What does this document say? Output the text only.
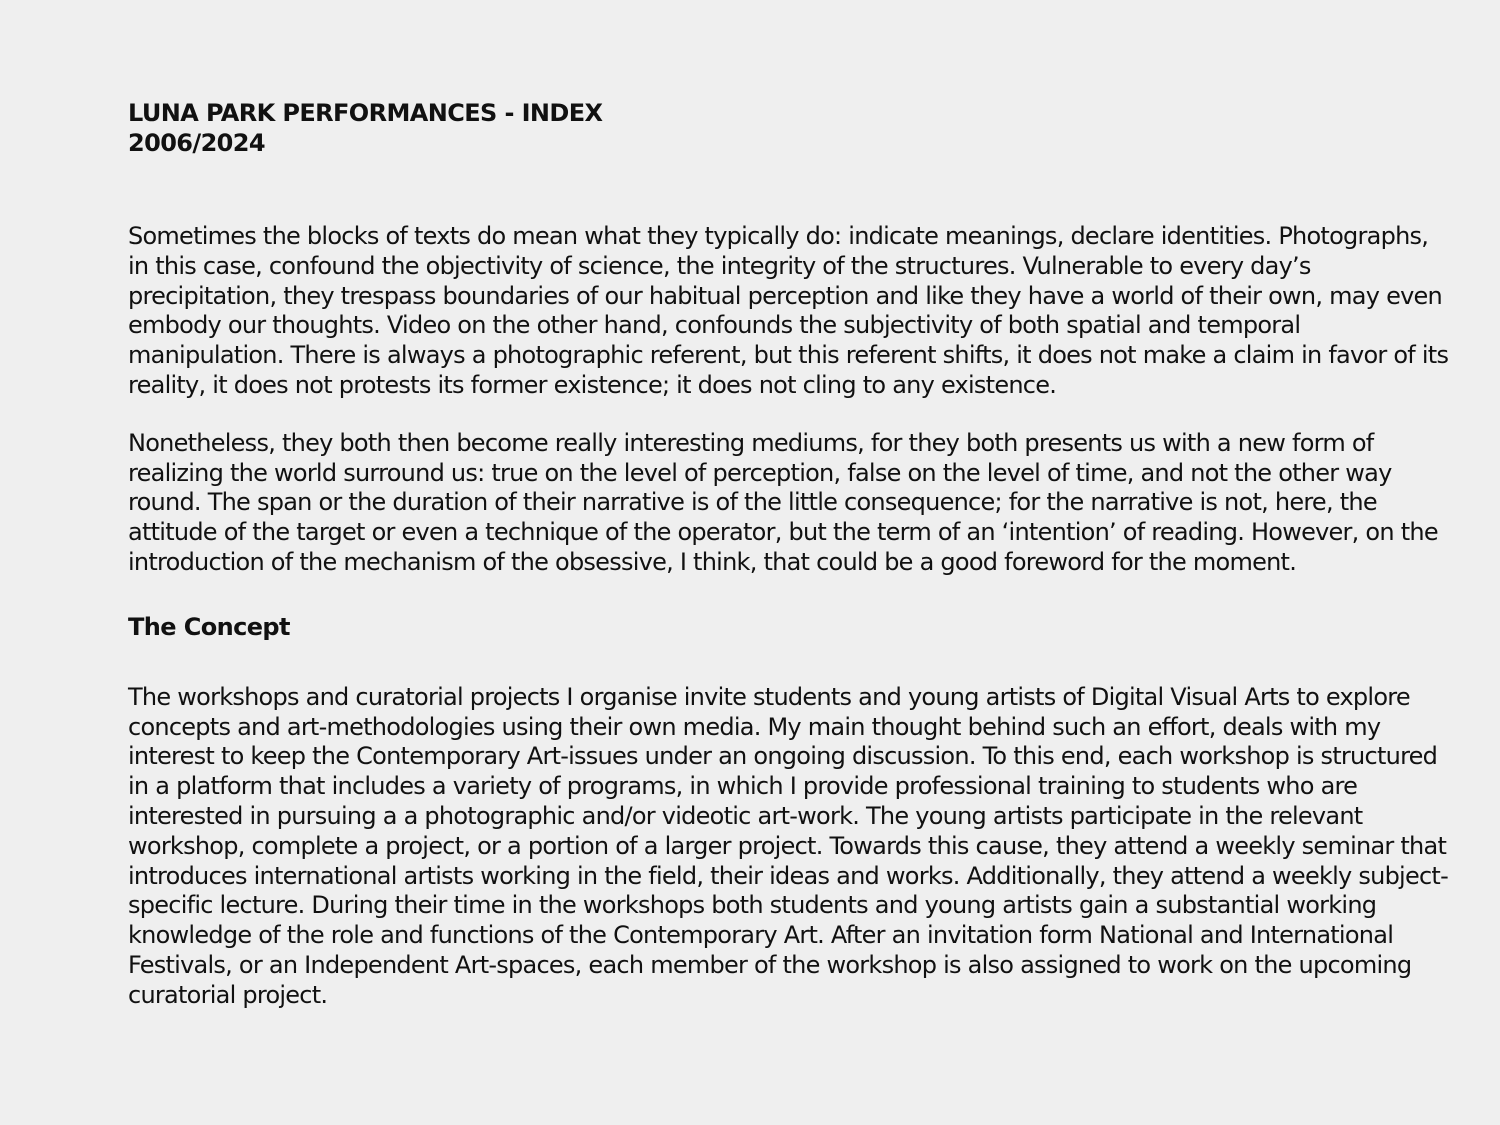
LUNA PARK PERFORMANCES - INDEX
2006/2024

Sometimes the blocks of texts do mean what they typically do: indicate meanings, declare identities. Photographs, in this case, confound the objectivity of science, the integrity of the structures. Vulnerable to every day’s precipitation, they trespass boundaries of our habitual perception and like they have a world of their own, may even embody our thoughts. Video on the other hand, confounds the subjectivity of both spatial and temporal manipulation. There is always a photographic referent, but this referent shifts, it does not make a claim in favor of its reality, it does not protests its former existence; it does not cling to any existence.

Nonetheless, they both then become really interesting mediums, for they both presents us with a new form of realizing the world surround us: true on the level of perception, false on the level of time, and not the other way round. The span or the duration of their narrative is of the little consequence; for the narrative is not, here, the attitude of the target or even a technique of the operator, but the term of an ‘intention’ of reading. However, on the introduction of the mechanism of the obsessive, I think, that could be a good foreword for the moment.

The Concept

The workshops and curatorial projects I organise invite students and young artists of Digital Visual Arts to explore concepts and art-methodologies using their own media. My main thought behind such an effort, deals with my interest to keep the Contemporary Art-issues under an ongoing discussion. To this end, each workshop is structured in a platform that includes a variety of programs, in which I provide professional training to students who are interested in pursuing a a photographic and/or videotic art-work. The young artists participate in the relevant workshop, complete a project, or a portion of a larger project. Towards this cause, they attend a weekly seminar that introduces international artists working in the field, their ideas and works. Additionally, they attend a weekly subject-specific lecture. During their time in the workshops both students and young artists gain a substantial working knowledge of the role and functions of the Contemporary Art. After an invitation form National and International Festivals, or an Independent Art-spaces, each member of the workshop is also assigned to work on the upcoming curatorial project.
